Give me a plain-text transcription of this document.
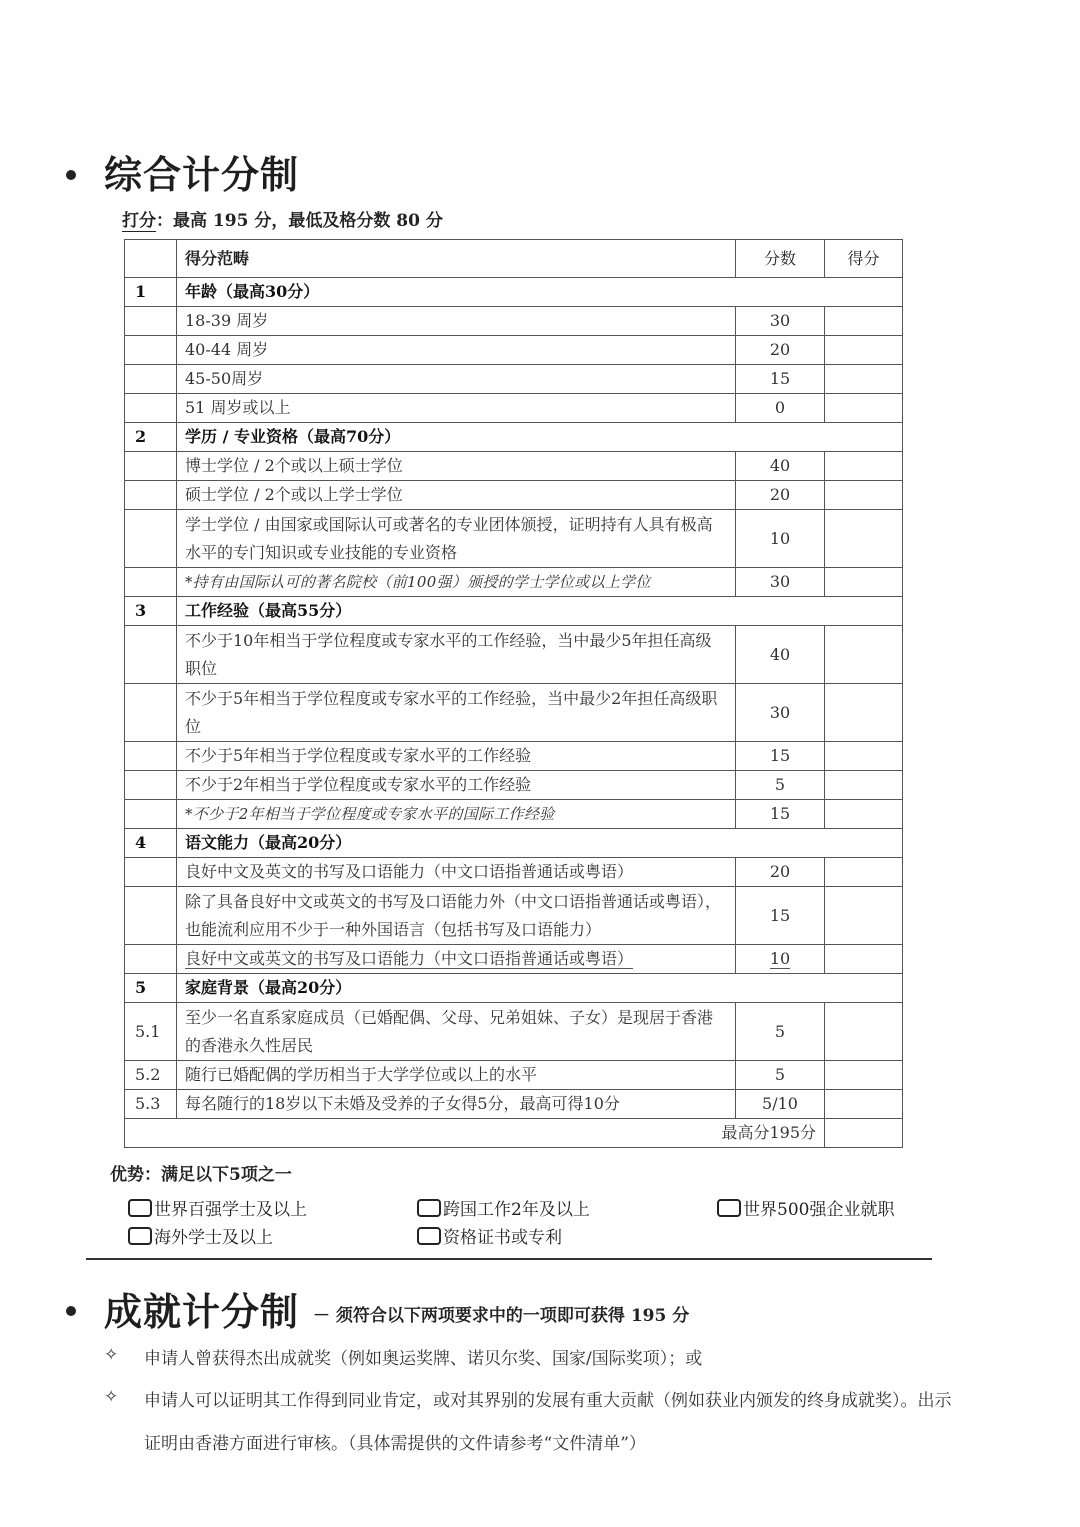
综合计分制
打分：最高 195 分，最低及格分数 80 分
	得分范畴	分数	得分
1	年龄（最高30分）		
	18-39 周岁	30	
	40-44 周岁	20	
	45-50周岁	15	
	51 周岁或以上	0	
2	学历 / 专业资格（最高70分）		
	博士学位 / 2个或以上硕士学位	40	
	硕士学位 / 2个或以上学士学位	20	
	学士学位 / 由国家或国际认可或著名的专业团体颁授，证明持有人具有极高水平的专门知识或专业技能的专业资格	10	
	*持有由国际认可的著名院校（前100强）颁授的学士学位或以上学位	30	
3	工作经验（最高55分）		
	不少于10年相当于学位程度或专家水平的工作经验，当中最少5年担任高级职位	40	
	不少于5年相当于学位程度或专家水平的工作经验，当中最少2年担任高级职位	30	
	不少于5年相当于学位程度或专家水平的工作经验	15	
	不少于2年相当于学位程度或专家水平的工作经验	5	
	*不少于2年相当于学位程度或专家水平的国际工作经验	15	
4	语文能力（最高20分）		
	良好中文及英文的书写及口语能力（中文口语指普通话或粤语）	20	
	除了具备良好中文或英文的书写及口语能力外（中文口语指普通话或粤语），也能流利应用不少于一种外国语言（包括书写及口语能力）	15	
	良好中文或英文的书写及口语能力（中文口语指普通话或粤语）	10	
5	家庭背景（最高20分）		
5.1	至少一名直系家庭成员（已婚配偶、父母、兄弟姐妹、子女）是现居于香港的香港永久性居民	5	
5.2	随行已婚配偶的学历相当于大学学位或以上的水平	5	
5.3	每名随行的18岁以下未婚及受养的子女得5分，最高可得10分	5/10	
最高分195分			
优势：满足以下5项之一
世界百强学士及以上	跨国工作2年及以上	世界500强企业就职
海外学士及以上	资格证书或专利
成就计分制 － 须符合以下两项要求中的一项即可获得 195 分
✧ 申请人曾获得杰出成就奖（例如奥运奖牌、诺贝尔奖、国家/国际奖项）；或
✧ 申请人可以证明其工作得到同业肯定，或对其界别的发展有重大贡献（例如获业内颁发的终身成就奖）。出示
证明由香港方面进行审核。（具体需提供的文件请参考“文件清单”）
